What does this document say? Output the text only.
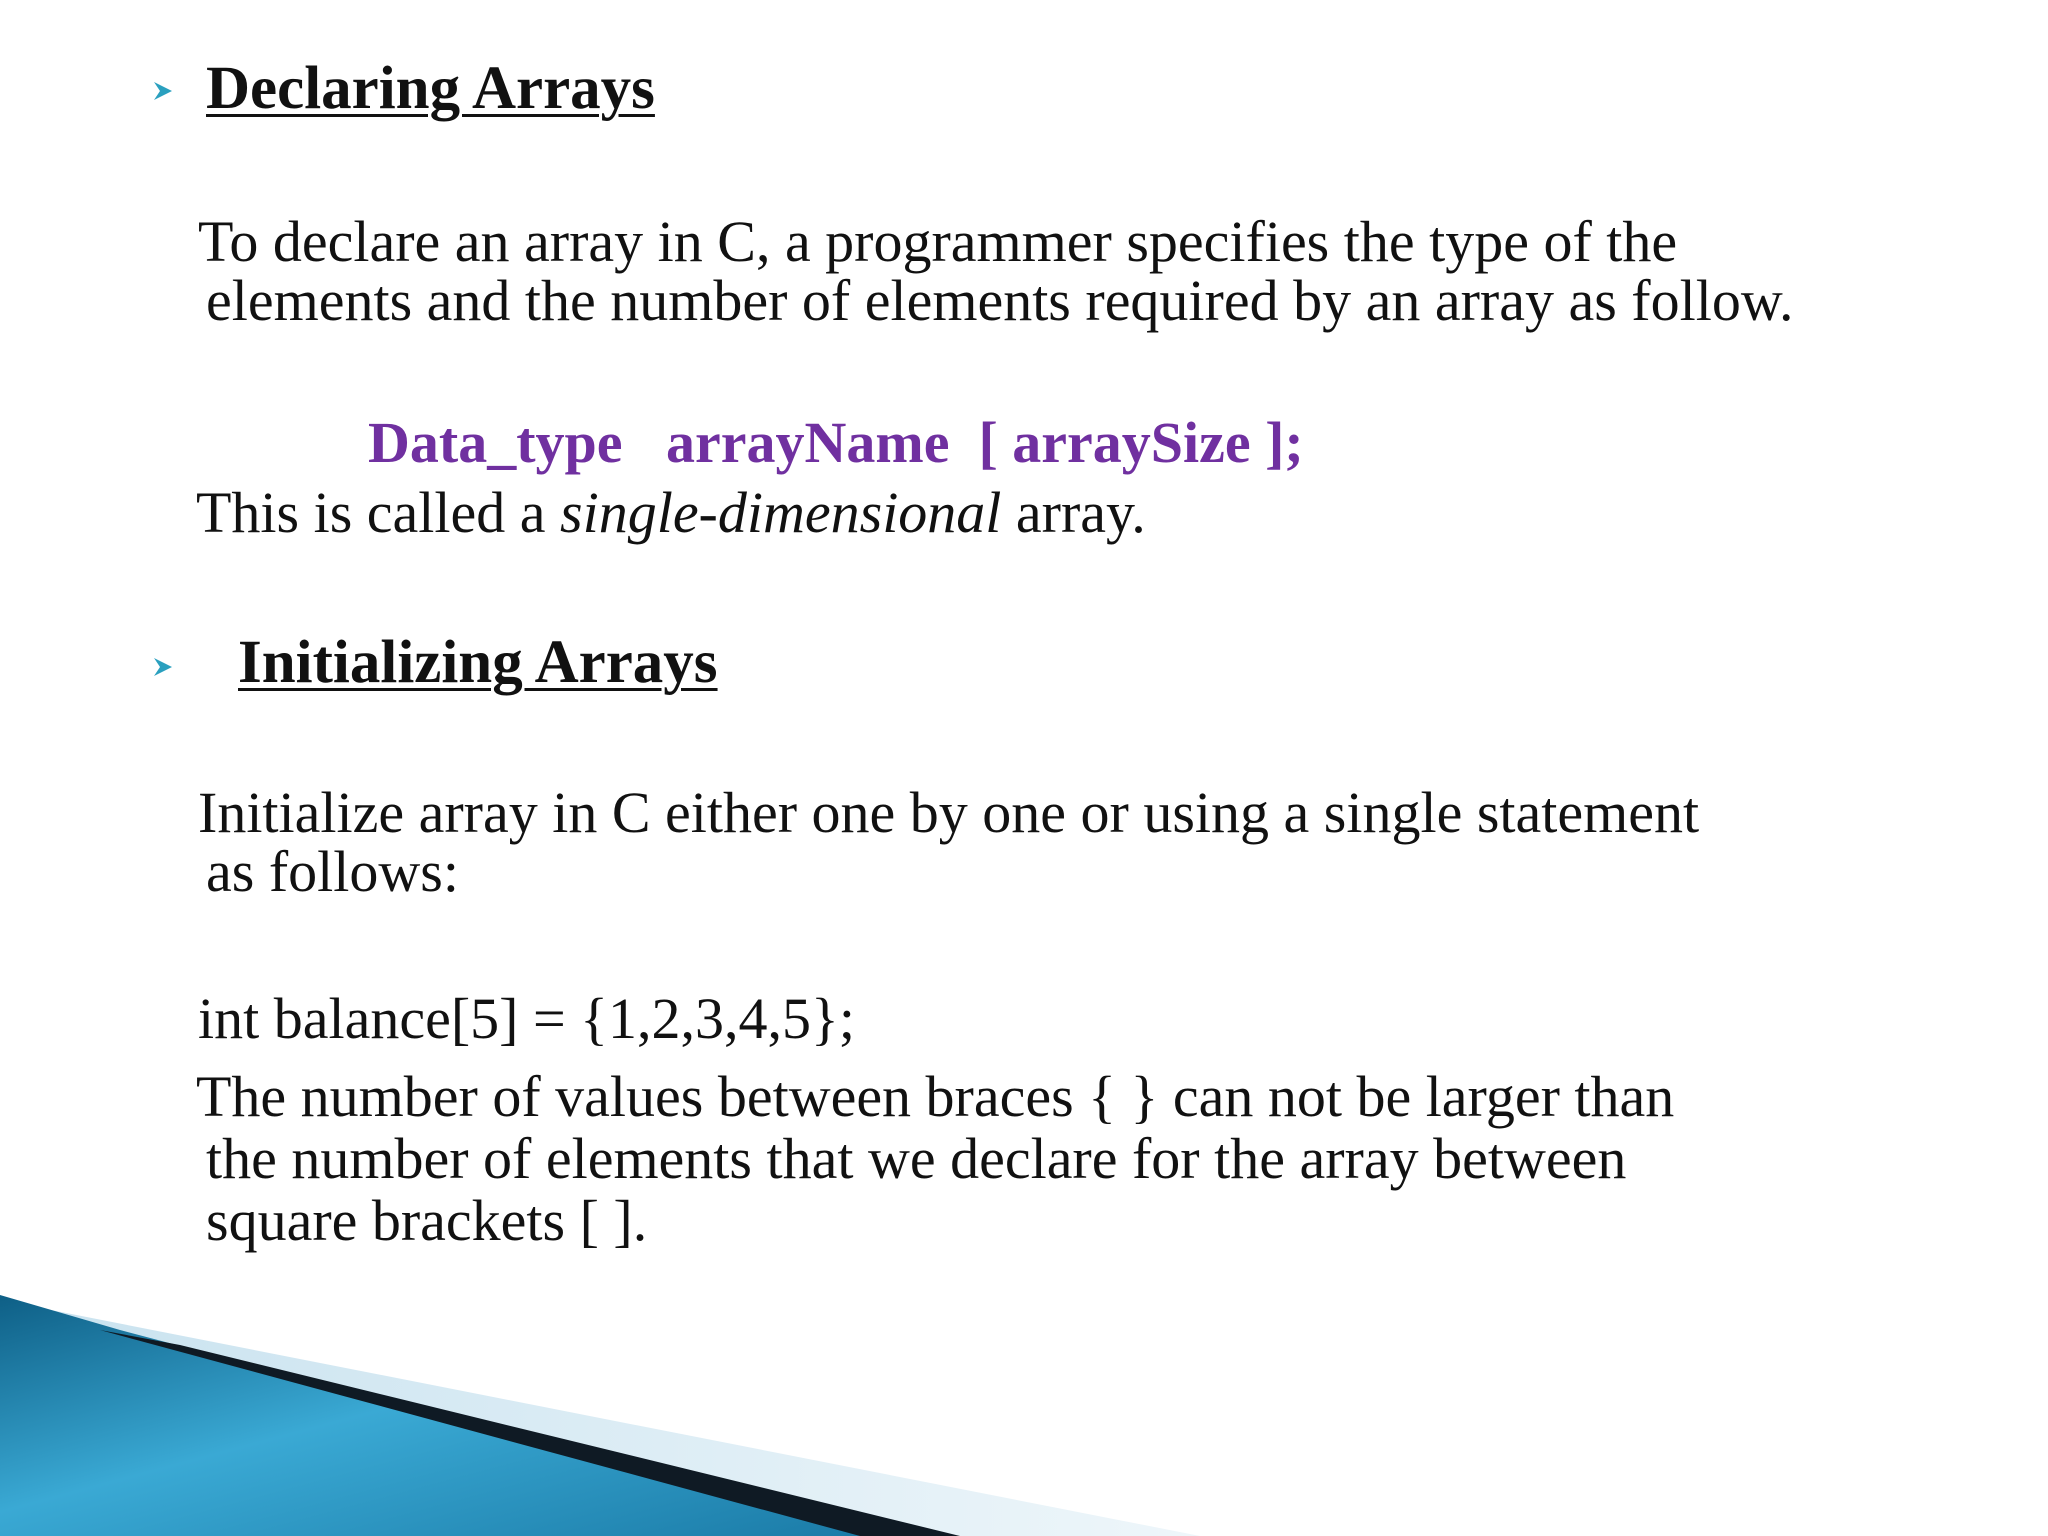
Declaring Arrays
To declare an array in C, a programmer specifies the type of the
elements and the number of elements required by an array as follow.
Data_type   arrayName  [ arraySize ];
This is called a single-dimensional array.
Initializing Arrays
Initialize array in C either one by one or using a single statement
as follows:
int balance[5] = {1,2,3,4,5};
The number of values between braces { } can not be larger than
the number of elements that we declare for the array between
square brackets [ ].
